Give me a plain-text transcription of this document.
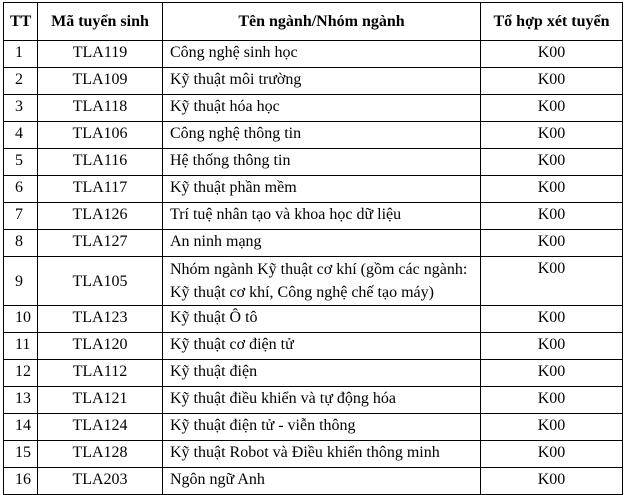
TT	Mã tuyển sinh	Tên ngành/Nhóm ngành	Tổ hợp xét tuyển
1	TLA119	Công nghệ sinh học	K00
2	TLA109	Kỹ thuật môi trường	K00
3	TLA118	Kỹ thuật hóa học	K00
4	TLA106	Công nghệ thông tin	K00
5	TLA116	Hệ thống thông tin	K00
6	TLA117	Kỹ thuật phần mềm	K00
7	TLA126	Trí tuệ nhân tạo và khoa học dữ liệu	K00
8	TLA127	An ninh mạng	K00
9	TLA105	Nhóm ngành Kỹ thuật cơ khí (gồm các ngành: Kỹ thuật cơ khí, Công nghệ chế tạo máy)	K00
10	TLA123	Kỹ thuật Ô tô	K00
11	TLA120	Kỹ thuật cơ điện tử	K00
12	TLA112	Kỹ thuật điện	K00
13	TLA121	Kỹ thuật điều khiển và tự động hóa	K00
14	TLA124	Kỹ thuật điện tử - viễn thông	K00
15	TLA128	Kỹ thuật Robot và Điều khiển thông minh	K00
16	TLA203	Ngôn ngữ Anh	K00
